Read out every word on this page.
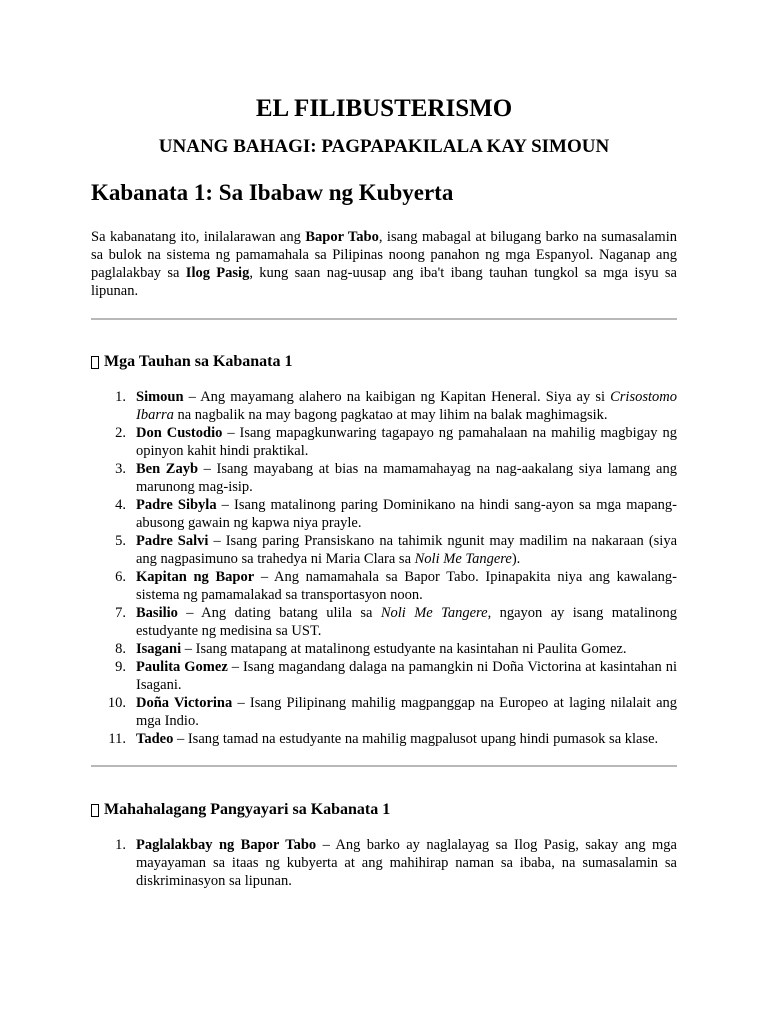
EL FILIBUSTERISMO
UNANG BAHAGI: PAGPAPAKILALA KAY SIMOUN
Kabanata 1: Sa Ibabaw ng Kubyerta

Sa kabanatang ito, inilalarawan ang Bapor Tabo, isang mabagal at bilugang barko na sumasalamin sa bulok na sistema ng pamamahala sa Pilipinas noong panahon ng mga Espanyol. Naganap ang paglalakbay sa Ilog Pasig, kung saan nag-uusap ang iba't ibang tauhan tungkol sa mga isyu sa lipunan.

Mga Tauhan sa Kabanata 1
1. Simoun – Ang mayamang alahero na kaibigan ng Kapitan Heneral. Siya ay si Crisostomo Ibarra na nagbalik na may bagong pagkatao at may lihim na balak maghimagsik.
2. Don Custodio – Isang mapagkunwaring tagapayo ng pamahalaan na mahilig magbigay ng opinyon kahit hindi praktikal.
3. Ben Zayb – Isang mayabang at bias na mamamahayag na nag-aakalang siya lamang ang marunong mag-isip.
4. Padre Sibyla – Isang matalinong paring Dominikano na hindi sang-ayon sa mga mapang-abusong gawain ng kapwa niya prayle.
5. Padre Salvi – Isang paring Pransiskano na tahimik ngunit may madilim na nakaraan (siya ang nagpasimuno sa trahedya ni Maria Clara sa Noli Me Tangere).
6. Kapitan ng Bapor – Ang namamahala sa Bapor Tabo. Ipinapakita niya ang kawalang-sistema ng pamamalakad sa transportasyon noon.
7. Basilio – Ang dating batang ulila sa Noli Me Tangere, ngayon ay isang matalinong estudyante ng medisina sa UST.
8. Isagani – Isang matapang at matalinong estudyante na kasintahan ni Paulita Gomez.
9. Paulita Gomez – Isang magandang dalaga na pamangkin ni Doña Victorina at kasintahan ni Isagani.
10. Doña Victorina – Isang Pilipinang mahilig magpanggap na Europeo at laging nilalait ang mga Indio.
11. Tadeo – Isang tamad na estudyante na mahilig magpalusot upang hindi pumasok sa klase.
Mahahalagang Pangyayari sa Kabanata 1
1. Paglalakbay ng Bapor Tabo – Ang barko ay naglalayag sa Ilog Pasig, sakay ang mga mayayaman sa itaas ng kubyerta at ang mahihirap naman sa ibaba, na sumasalamin sa diskriminasyon sa lipunan.
